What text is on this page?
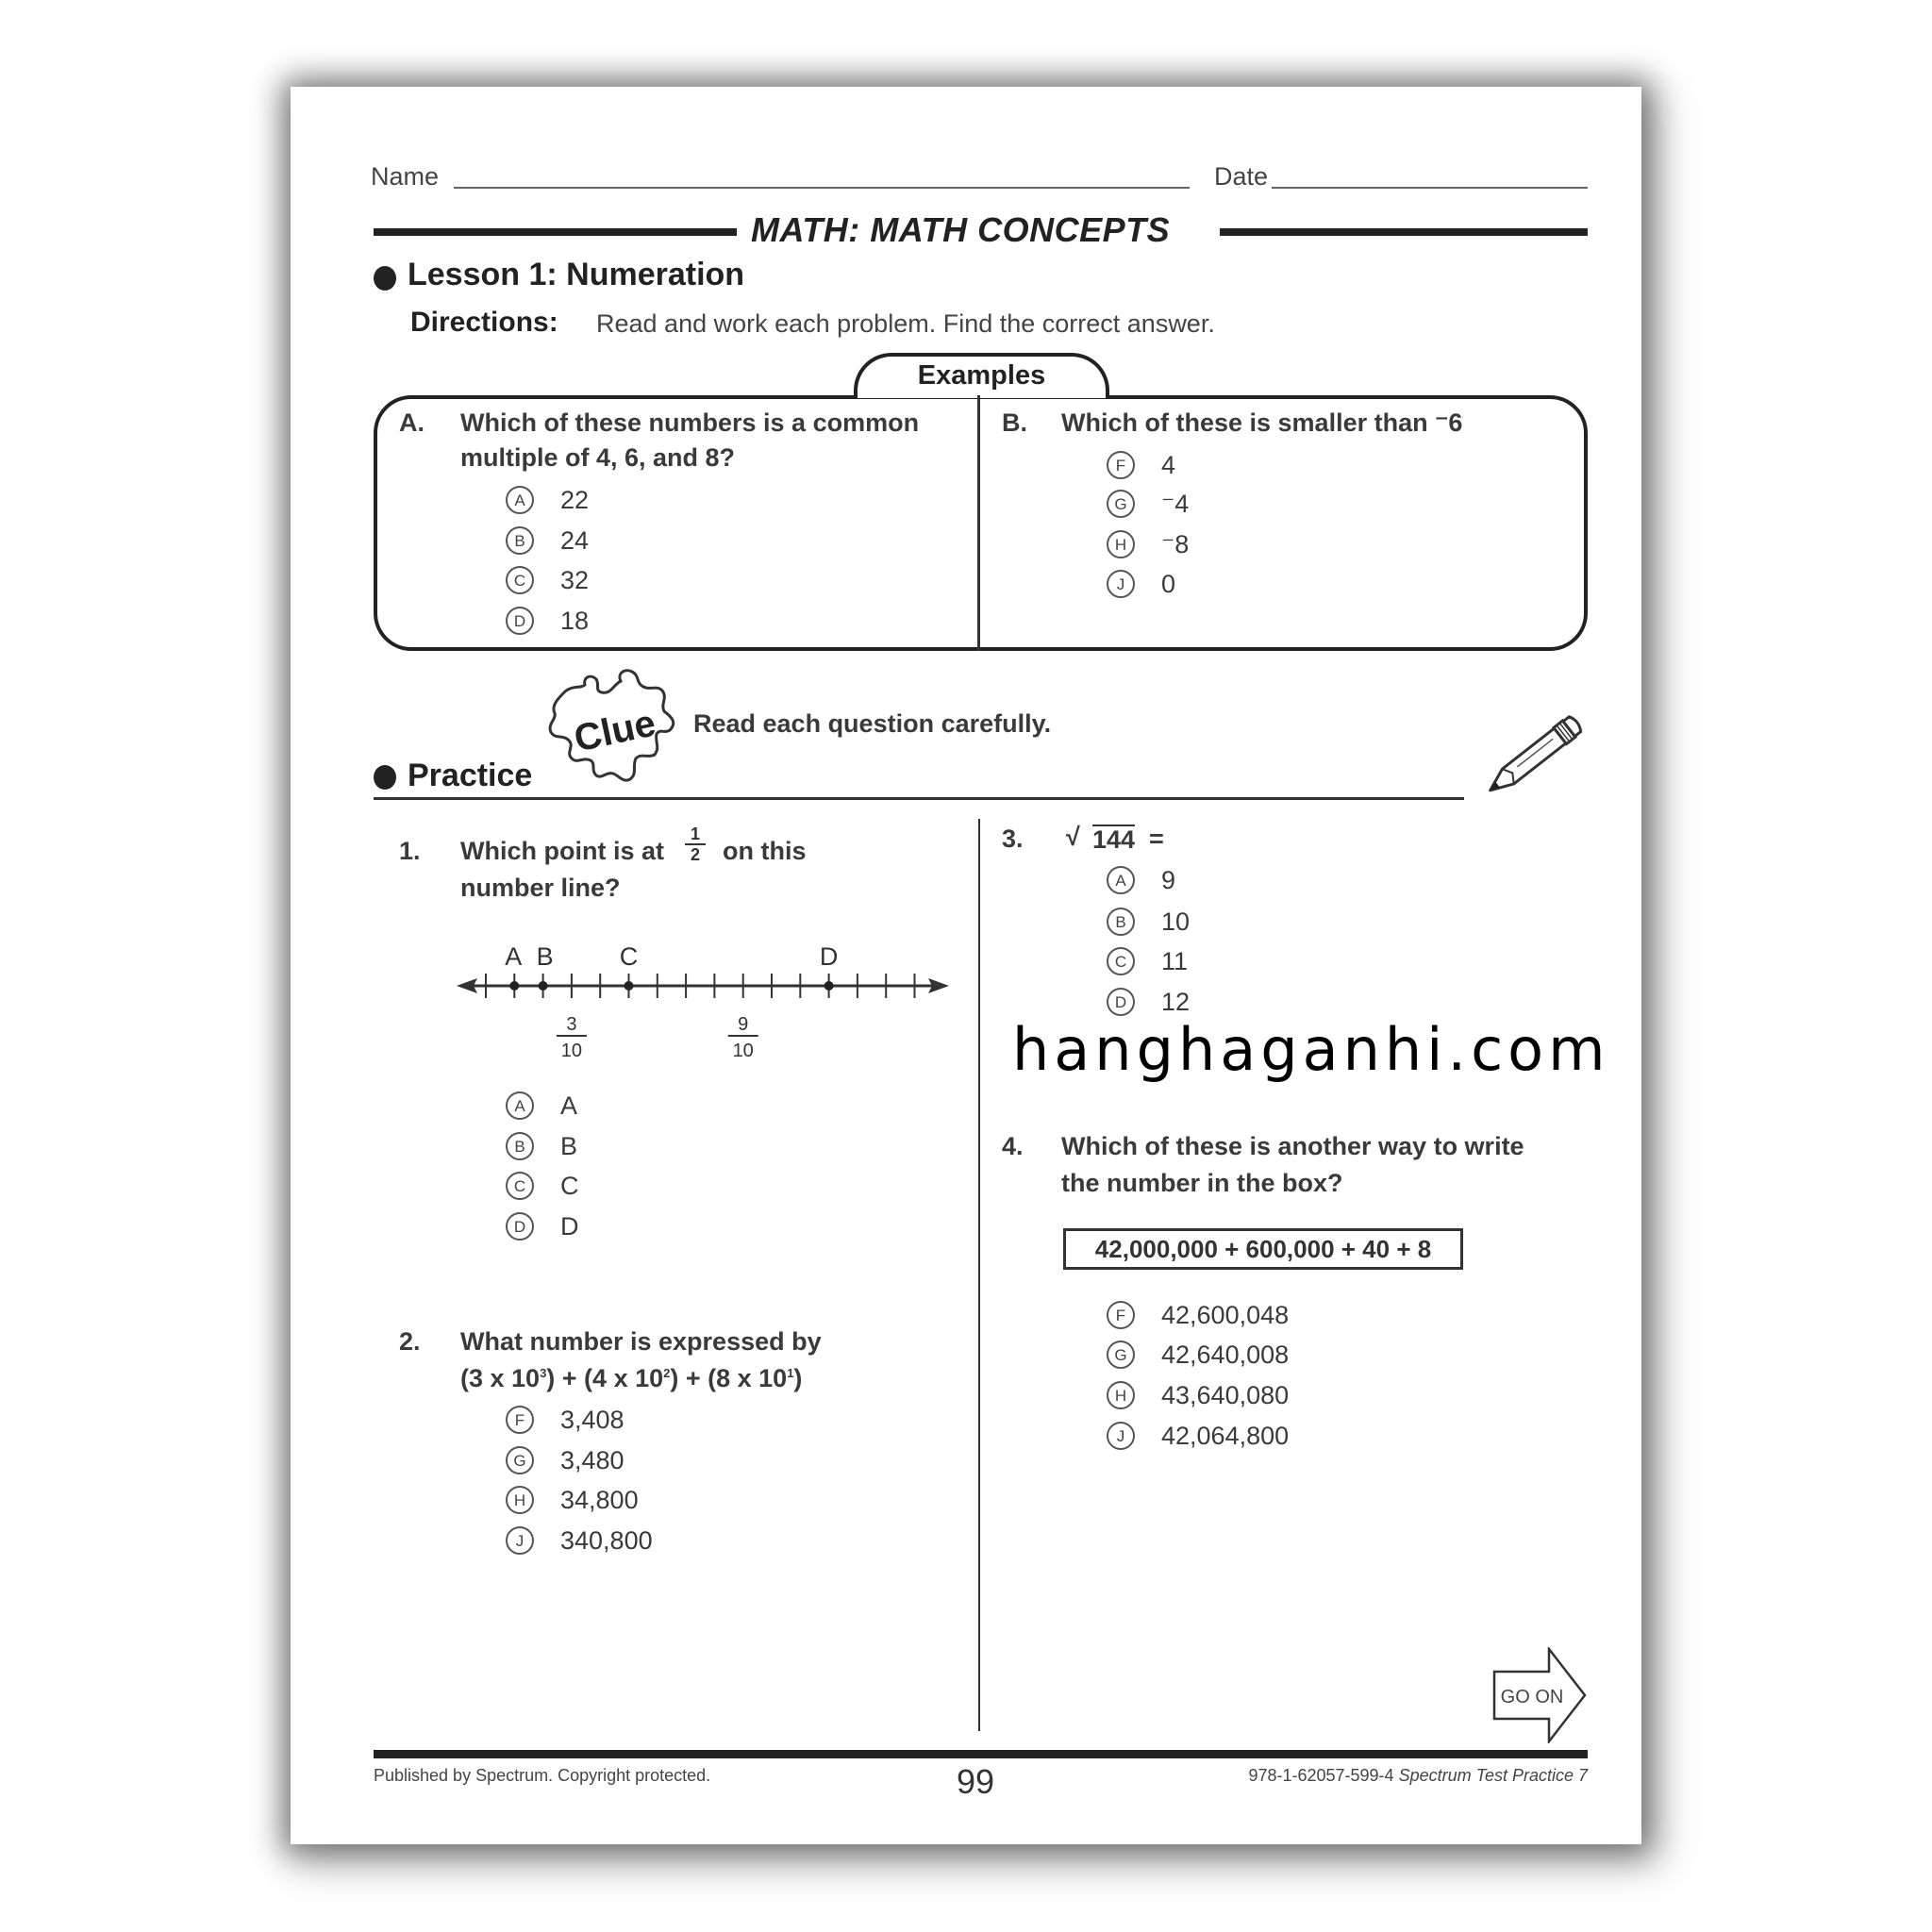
Name	Date
MATH: MATH CONCEPTS
Lesson 1: Numeration
Directions: Read and work each problem. Find the correct answer.
Examples
A. Which of these numbers is a common
multiple of 4, 6, and 8?
A	22
B	24
C	32
D	18
B. Which of these is smaller than ⁻6
F	4
G	⁻4
H	⁻8
J	0
Clue Read each question carefully.
Practice
1. Which point is at $\frac{1}{2}$ on this
number line?
A B	C	D
3
10
9
10
A	A
B	B
C	C
D	D
2. What number is expressed by
(3 x $10^3) + (4$ x $10^2) + (8$ x $10^1$)
F	3,408
G	3,480
H	34,800
J	340,800
3. √ 144 =
A	9
B	10
C	11
D	12
hanghaganhi.com
4. Which of these is another way to write
the number in the box?
42,000,000 + 600,000 + 40 + 8
F	42,600,048
G	42,640,008
H	43,640,080
J	42,064,800
GO ON
Published by Spectrum. Copyright protected.	99	978-1-62057-599-4 Spectrum Test Practice 7
